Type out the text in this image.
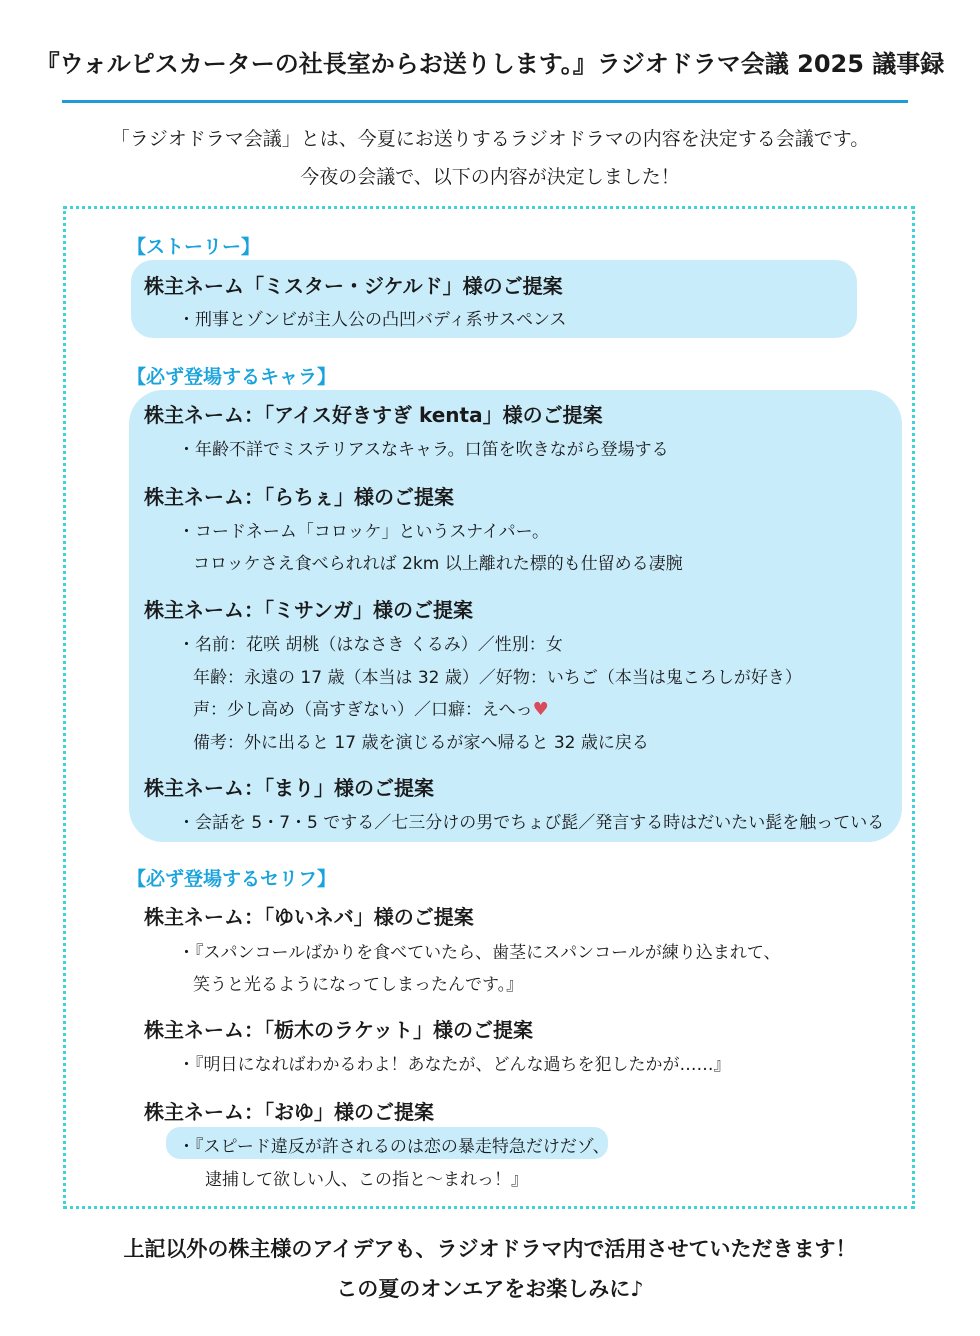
『ウォルピスカーターの社長室からお送りします。』ラジオドラマ会議 2025 議事録
「ラジオドラマ会議」とは、今夏にお送りするラジオドラマの内容を決定する会議です。
今夜の会議で、以下の内容が決定しました！
【ストーリー】
株主ネーム「ミスター・ジケルド」様のご提案
・刑事とゾンビが主人公の凸凹バディ系サスペンス
【必ず登場するキャラ】
株主ネーム：「アイス好きすぎ kenta」様のご提案
・年齢不詳でミステリアスなキャラ。口笛を吹きながら登場する
株主ネーム：「らちぇ」様のご提案
・コードネーム「コロッケ」というスナイパー。
コロッケさえ食べられれば 2km 以上離れた標的も仕留める凄腕
株主ネーム：「ミサンガ」様のご提案
・名前：花咲 胡桃（はなさき くるみ）／性別：女
年齢：永遠の 17 歳（本当は 32 歳）／好物：いちご（本当は鬼ころしが好き）
声：少し高め（高すぎない）／口癖：えへっ♥
備考：外に出ると 17 歳を演じるが家へ帰ると 32 歳に戻る
株主ネーム：「まり」様のご提案
・会話を 5・7・5 でする／七三分けの男でちょび髭／発言する時はだいたい髭を触っている
【必ず登場するセリフ】
株主ネーム：「ゆいネバ」様のご提案
・『スパンコールばかりを食べていたら、歯茎にスパンコールが練り込まれて、
笑うと光るようになってしまったんです。』
株主ネーム：「栃木のラケット」様のご提案
・『明日になればわかるわよ！あなたが、どんな過ちを犯したかが……』
株主ネーム：「おゆ」様のご提案
・『スピード違反が許されるのは恋の暴走特急だけだゾ、
逮捕して欲しい人、この指と～まれっ！』
上記以外の株主様のアイデアも、ラジオドラマ内で活用させていただきます！
この夏のオンエアをお楽しみに♪
